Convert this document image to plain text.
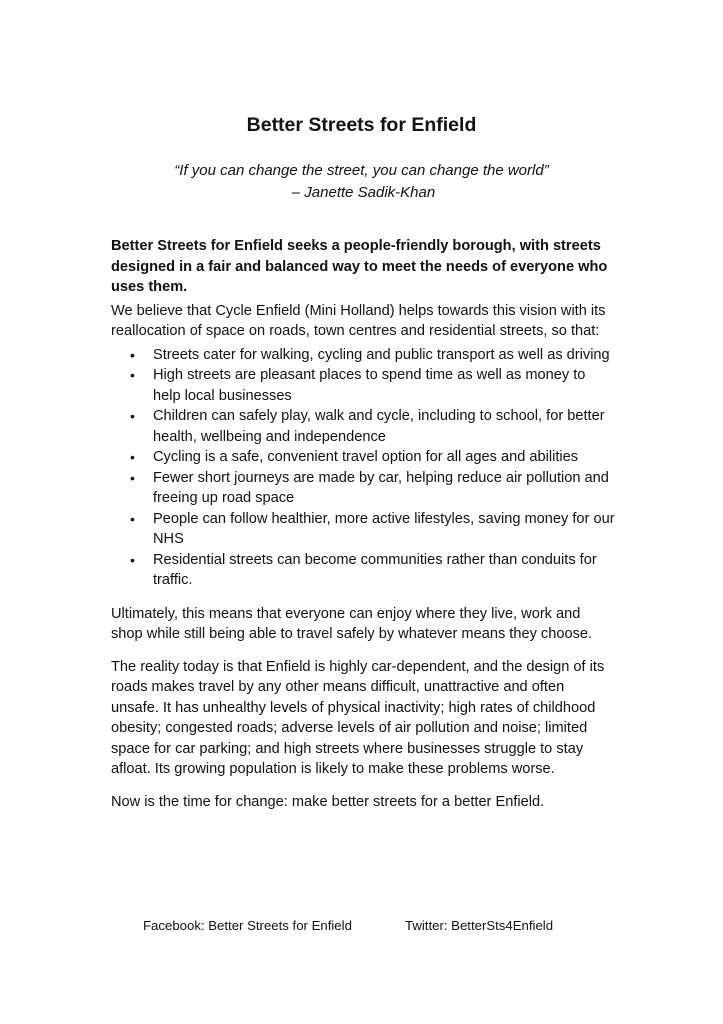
Better Streets for Enfield
“If you can change the street, you can change the world”
– Janette Sadik-Khan

Better Streets for Enfield seeks a people-friendly borough, with streets designed in a fair and balanced way to meet the needs of everyone who uses them.

We believe that Cycle Enfield (Mini Holland) helps towards this vision with its reallocation of space on roads, town centres and residential streets, so that:

• Streets cater for walking, cycling and public transport as well as driving
• High streets are pleasant places to spend time as well as money to help local businesses
• Children can safely play, walk and cycle, including to school, for better health, wellbeing and independence
• Cycling is a safe, convenient travel option for all ages and abilities
• Fewer short journeys are made by car, helping reduce air pollution and freeing up road space
• People can follow healthier, more active lifestyles, saving money for our NHS
• Residential streets can become communities rather than conduits for traffic.

Ultimately, this means that everyone can enjoy where they live, work and shop while still being able to travel safely by whatever means they choose.

The reality today is that Enfield is highly car-dependent, and the design of its roads makes travel by any other means difficult, unattractive and often unsafe. It has unhealthy levels of physical inactivity; high rates of childhood obesity; congested roads; adverse levels of air pollution and noise; limited space for car parking; and high streets where businesses struggle to stay afloat. Its growing population is likely to make these problems worse.

Now is the time for change: make better streets for a better Enfield.

Facebook: Better Streets for Enfield	Twitter: BetterSts4Enfield
